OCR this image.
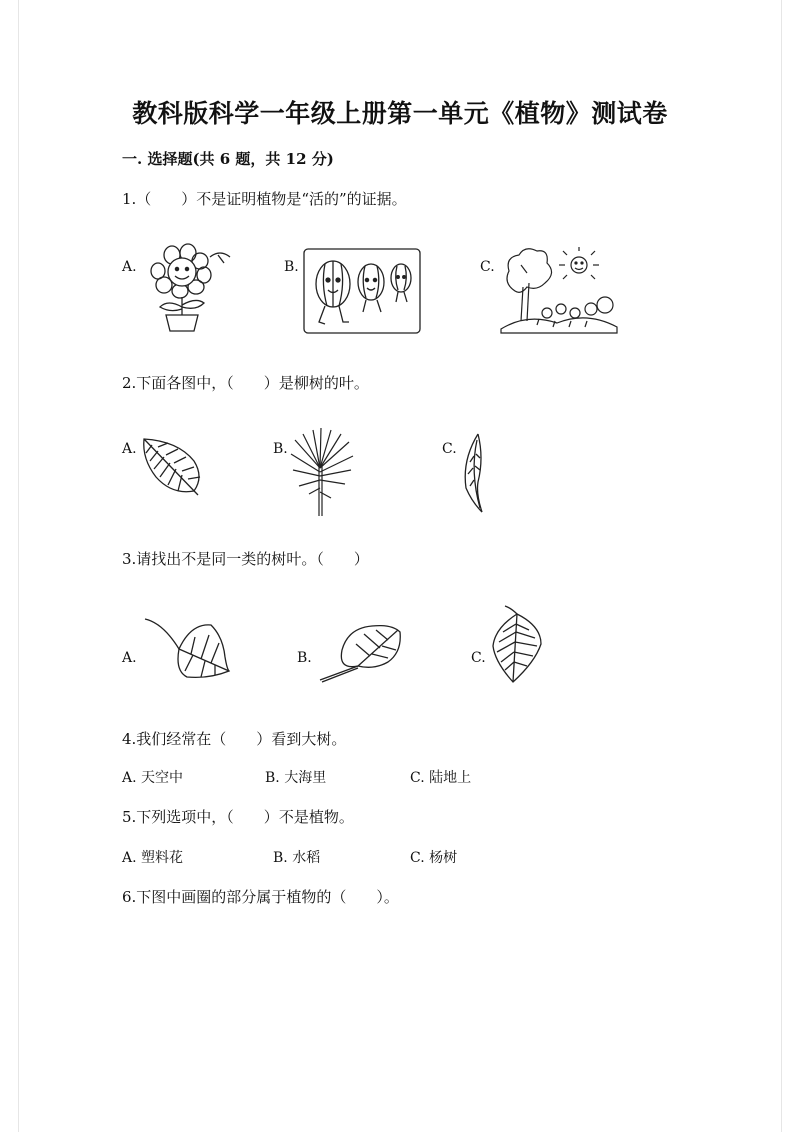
教科版科学一年级上册第一单元《植物》测试卷
一. 选择题(共 6 题，共 12 分)
1.（　　）不是证明植物是“活的”的证据。
A.	B.	C.
2.下面各图中，（　　）是柳树的叶。
A.	B.	C.
3.请找出不是同一类的树叶。（　　）
A.	B.	C.
4.我们经常在（　　）看到大树。
A. 天空中	B. 大海里	C. 陆地上
5.下列选项中，（　　）不是植物。
A. 塑料花	B. 水稻	C. 杨树
6.下图中画圈的部分属于植物的（　　）。
